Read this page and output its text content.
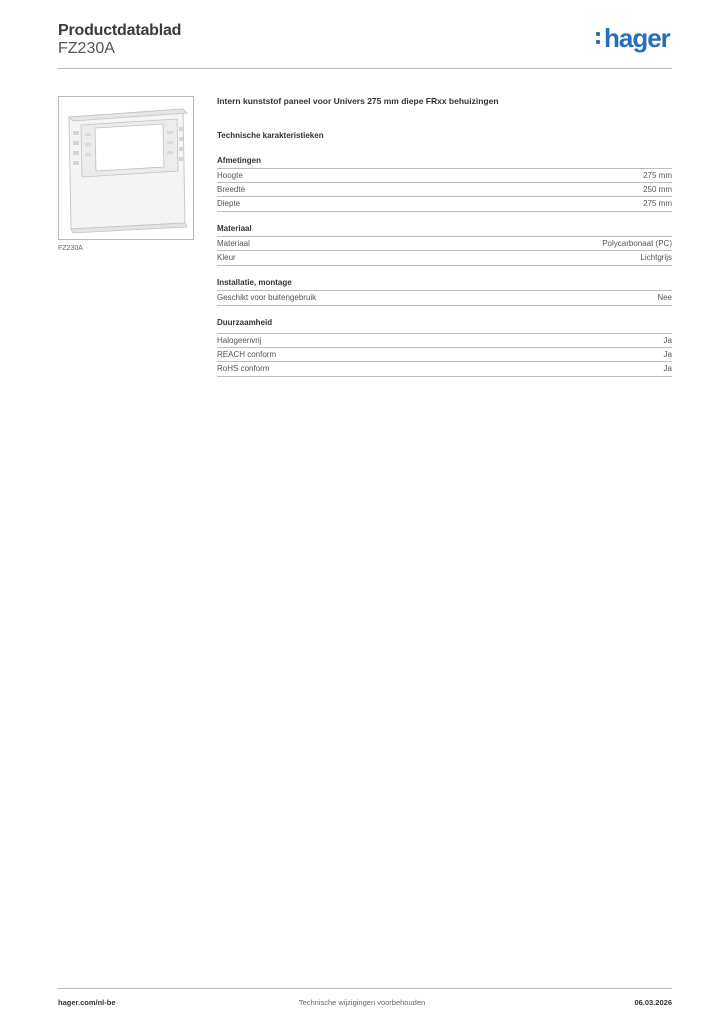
Productdatablad
FZ230A	hager
FZ230A
Intern kunststof paneel voor Univers 275 mm diepe FRxx behuizingen
Technische karakteristieken
Afmetingen
Hoogte	275 mm
Breedte	250 mm
Diepte	275 mm
Materiaal
Materiaal	Polycarbonaat (PC)
Kleur	Lichtgrijs
Installatie, montage
Geschikt voor buitengebruik	Nee
Duurzaamheid
Halogeenvrij	Ja
REACH conform	Ja
RoHS conform	Ja
hager.com/nl-be	Technische wijzigingen voorbehouden	06.03.2026
